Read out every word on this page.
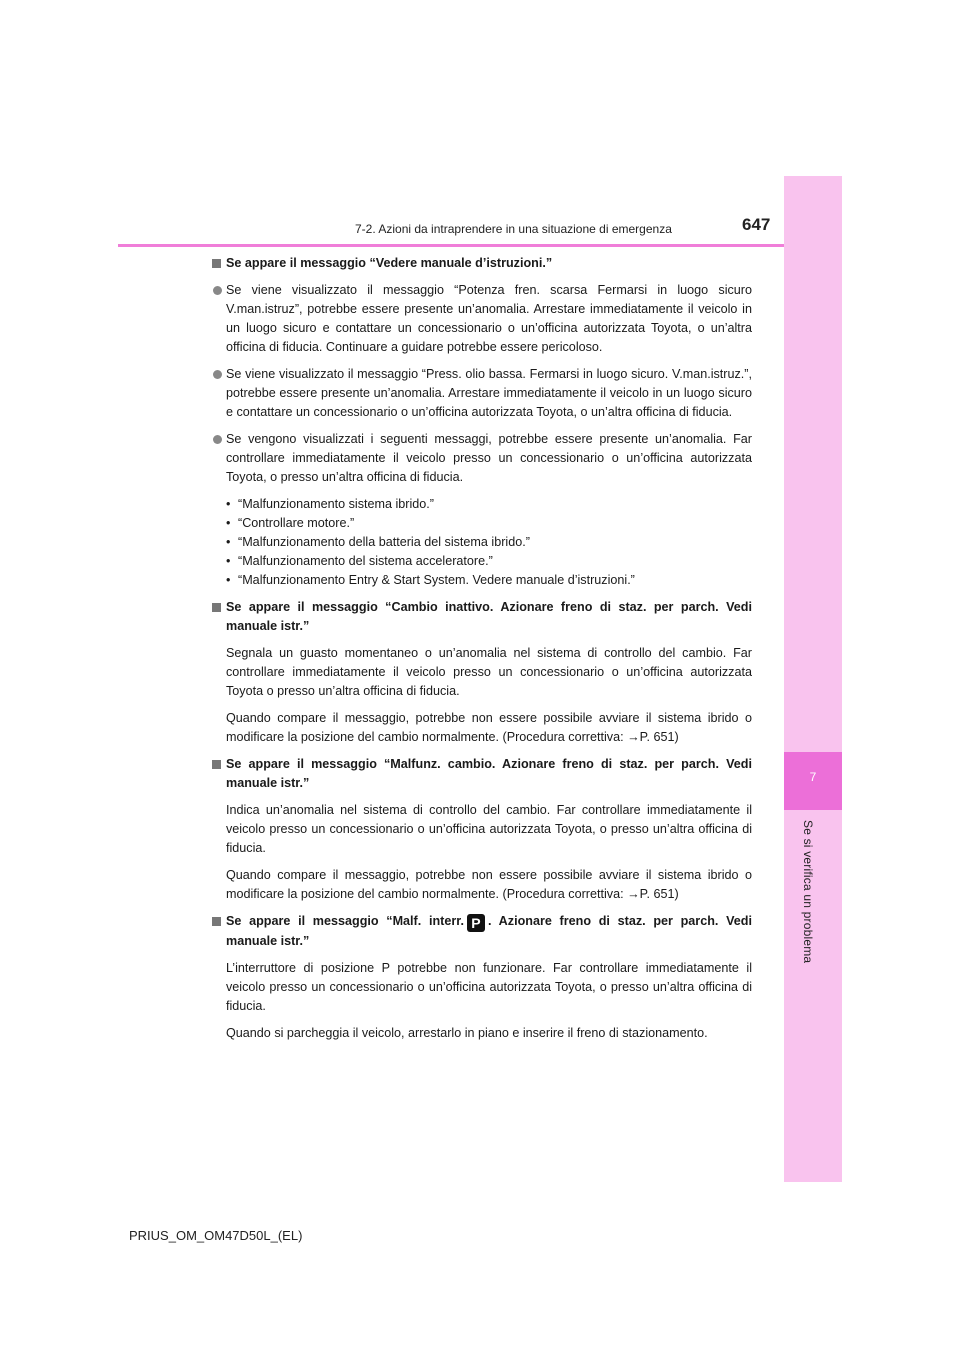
7
Se si verifica un problema
7-2. Azioni da intraprendere in una situazione di emergenza	647
Se appare il messaggio “Vedere manuale d’istruzioni.”
Se viene visualizzato il messaggio “Potenza fren. scarsa Fermarsi in luogo sicuro V.man.istruz”, potrebbe essere presente un’anomalia. Arrestare immediatamente il veicolo in un luogo sicuro e contattare un concessionario o un’officina autorizzata Toyota, o un’altra officina di fiducia. Continuare a guidare potrebbe essere pericoloso.
Se viene visualizzato il messaggio “Press. olio bassa. Fermarsi in luogo sicuro. V.man.istruz.”, potrebbe essere presente un’anomalia. Arrestare immediatamente il veicolo in un luogo sicuro e contattare un concessionario o un’officina autorizzata Toyota, o un’altra officina di fiducia.
Se vengono visualizzati i seguenti messaggi, potrebbe essere presente un’anomalia. Far controllare immediatamente il veicolo presso un concessionario o un’officina autorizzata Toyota, o presso un’altra officina di fiducia.
• “Malfunzionamento sistema ibrido.”
• “Controllare motore.”
• “Malfunzionamento della batteria del sistema ibrido.”
• “Malfunzionamento del sistema acceleratore.”
• “Malfunzionamento Entry & Start System. Vedere manuale d’istruzioni.”
Se appare il messaggio “Cambio inattivo. Azionare freno di staz. per parch. Vedi manuale istr.”
Segnala un guasto momentaneo o un’anomalia nel sistema di controllo del cambio. Far controllare immediatamente il veicolo presso un concessionario o un’officina autorizzata Toyota o presso un’altra officina di fiducia.
Quando compare il messaggio, potrebbe non essere possibile avviare il sistema ibrido o modificare la posizione del cambio normalmente. (Procedura correttiva: →P. 651)
Se appare il messaggio “Malfunz. cambio. Azionare freno di staz. per parch. Vedi manuale istr.”
Indica un’anomalia nel sistema di controllo del cambio. Far controllare immediatamente il veicolo presso un concessionario o un’officina autorizzata Toyota, o presso un’altra officina di fiducia.
Quando compare il messaggio, potrebbe non essere possibile avviare il sistema ibrido o modificare la posizione del cambio normalmente. (Procedura correttiva: →P. 651)
Se appare il messaggio “Malf. interr. P . Azionare freno di staz. per parch. Vedi manuale istr.”
L’interruttore di posizione P potrebbe non funzionare. Far controllare immediatamente il veicolo presso un concessionario o un’officina autorizzata Toyota, o presso un’altra officina di fiducia.
Quando si parcheggia il veicolo, arrestarlo in piano e inserire il freno di stazionamento.
PRIUS_OM_OM47D50L_(EL)
